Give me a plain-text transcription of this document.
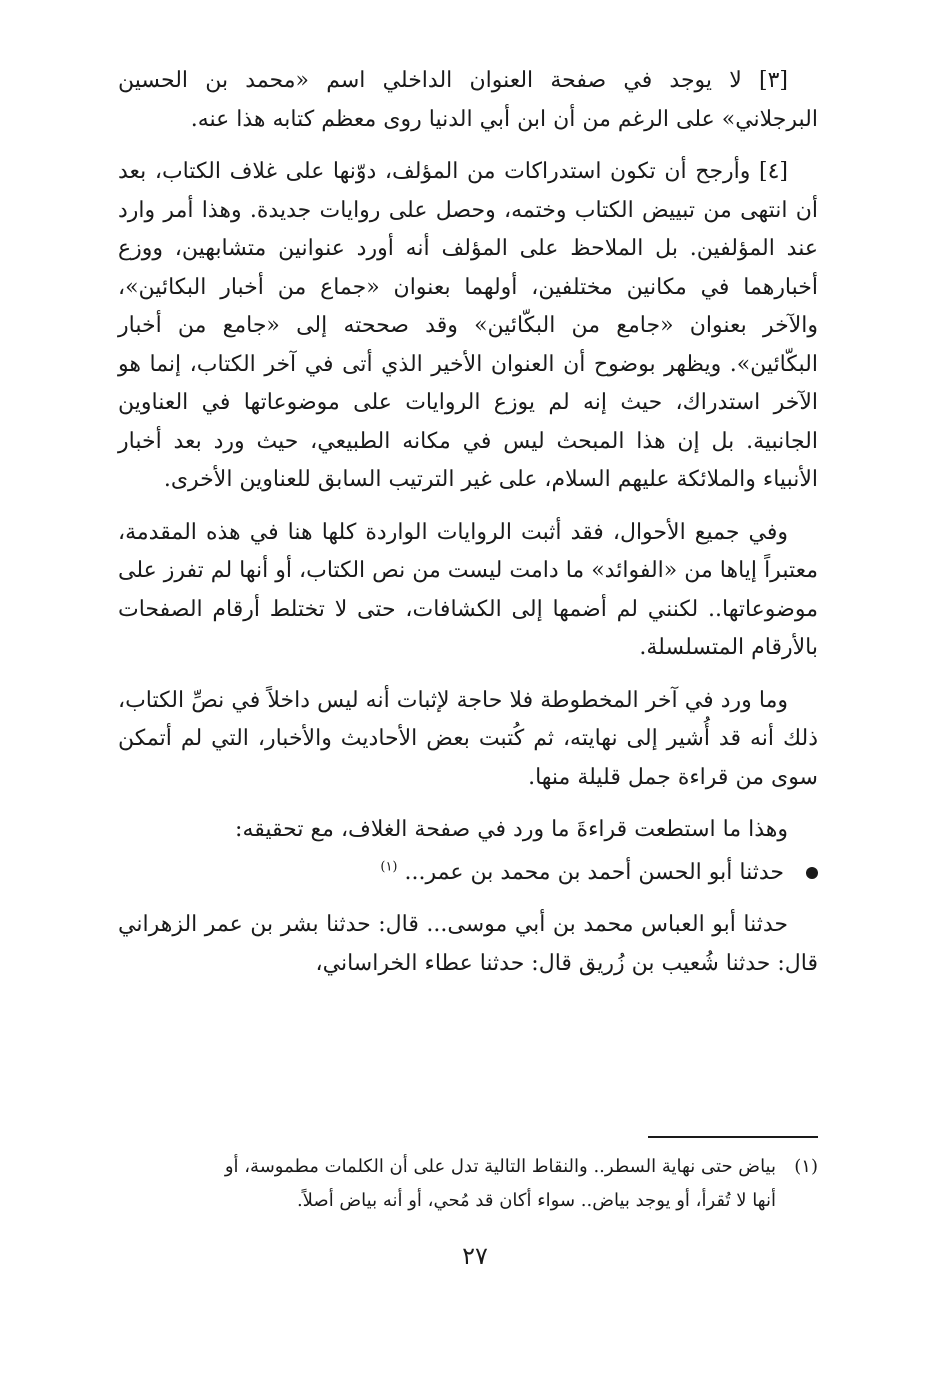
[٣] لا يوجد في صفحة العنوان الداخلي اسم «محمد بن الحسين البرجلاني» على الرغم من أن ابن أبي الدنيا روى معظم كتابه هذا عنه.

[٤] وأرجح أن تكون استدراكات من المؤلف، دوّنها على غلاف الكتاب، بعد أن انتهى من تبييض الكتاب وختمه، وحصل على روايات جديدة. وهذا أمر وارد عند المؤلفين. بل الملاحظ على المؤلف أنه أورد عنوانين متشابهين، ووزع أخبارهما في مكانين مختلفين، أولهما بعنوان «جماع من أخبار البكائين»، والآخر بعنوان «جامع من البكّائين» وقد صححته إلى «جامع من أخبار البكّائين». ويظهر بوضوح أن العنوان الأخير الذي أتى في آخر الكتاب، إنما هو الآخر استدراك، حيث إنه لم يوزع الروايات على موضوعاتها في العناوين الجانبية. بل إن هذا المبحث ليس في مكانه الطبيعي، حيث ورد بعد أخبار الأنبياء والملائكة عليهم السلام، على غير الترتيب السابق للعناوين الأخرى.

وفي جميع الأحوال، فقد أثبت الروايات الواردة كلها هنا في هذه المقدمة، معتبراً إياها من «الفوائد» ما دامت ليست من نص الكتاب، أو أنها لم تفرز على موضوعاتها.. لكنني لم أضمها إلى الكشافات، حتى لا تختلط أرقام الصفحات بالأرقام المتسلسلة.

وما ورد في آخر المخطوطة فلا حاجة لإثبات أنه ليس داخلاً في نصِّ الكتاب، ذلك أنه قد أُشير إلى نهايته، ثم كُتبت بعض الأحاديث والأخبار، التي لم أتمكن سوى من قراءة جمل قليلة منها.

وهذا ما استطعت قراءةَ ما ورد في صفحة الغلاف، مع تحقيقه:

حدثنا أبو الحسن أحمد بن محمد بن عمر... $^{(١)}$

حدثنا أبو العباس محمد بن أبي موسى... قال: حدثنا بشر بن عمر الزهراني قال: حدثنا شُعيب بن زُريق قال: حدثنا عطاء الخراساني،

(١)بياض حتى نهاية السطر.. والنقاط التالية تدل على أن الكلمات مطموسة، أو
أنها لا تُقرأ، أو يوجد بياض.. سواء أكان قد مُحي، أو أنه بياض أصلاً.
٢٧
